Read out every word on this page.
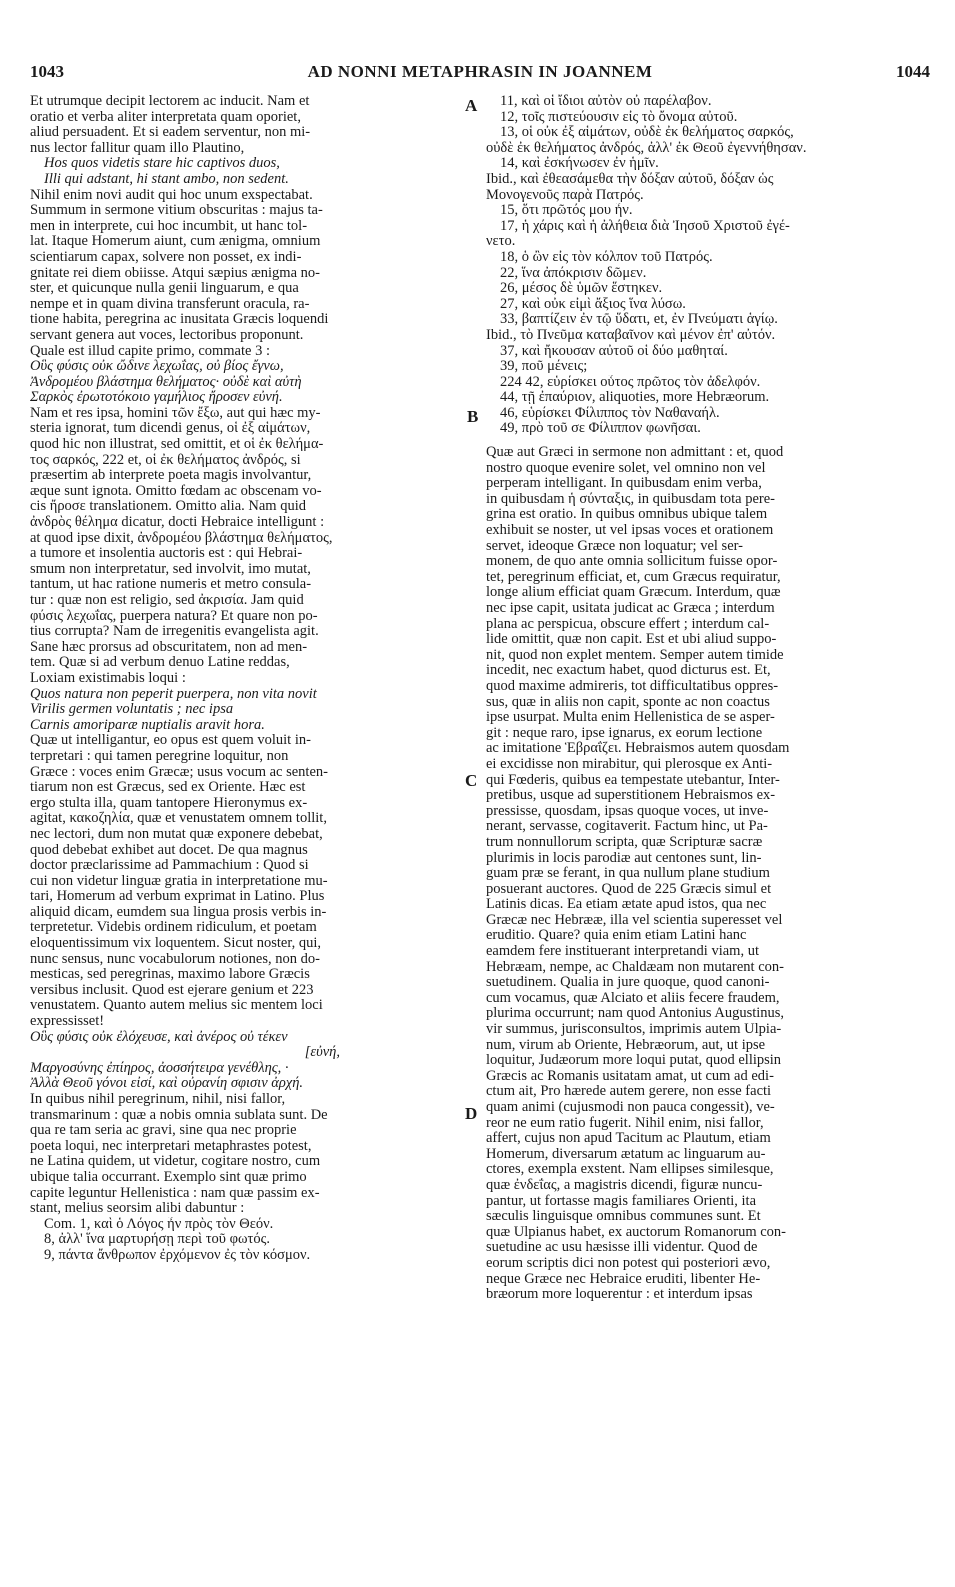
1043	AD NONNI METAPHRASIN IN JOANNEM	1044
Et utrumque decipit lectorem ac inducit. Nam et
oratio et verba aliter interpretata quam oporiet,
aliud persuadent. Et si eadem serventur, non mi-
nus lector fallitur quam illo Plautino,
Hos quos videtis stare hic captivos duos,
Illi qui adstant, hi stant ambo, non sedent.
Nihil enim novi audit qui hoc unum exspectabat.
Summum in sermone vitium obscuritas : majus ta-
men in interprete, cui hoc incumbit, ut hanc tol-
lat. Itaque Homerum aiunt, cum ænigma, omnium
scientiarum capax, solvere non posset, ex indi-
gnitate rei diem obiisse. Atqui sæpius ænigma no-
ster, et quicunque nulla genii linguarum, e qua
nempe et in quam divina transferunt oracula, ra-
tione habita, peregrina ac inusitata Græcis loquendi
servant genera aut voces, lectoribus proponunt.
Quale est illud capite primo, commate 3 :
Οὓς φύσις οὐκ ὤδινε λεχωΐας, οὐ βίος ἔγνω,
Ἀνδρομέου βλάστημα θελήματος· οὐδὲ καὶ αὐτὴ
Σαρκὸς ἐρωτοτόκοιο γαμήλιος ἤροσεν εὐνή.
Nam et res ipsa, homini τῶν ἔξω, aut qui hæc my-
steria ignorat, tum dicendi genus, οἱ ἐξ αἱμάτων,
quod hic non illustrat, sed omittit, et οἱ ἐκ θελήμα-
τος σαρκός, 222 et, οἱ ἐκ θελήματος ἀνδρός, si
præsertim ab interprete poeta magis involvantur,
æque sunt ignota. Omitto fœdam ac obscenam vo-
cis ἤροσε translationem. Omitto alia. Nam quid
ἀνδρὸς θέλημα dicatur, docti Hebraice intelligunt :
at quod ipse dixit, ἀνδρομέου βλάστημα θελήματος,
a tumore et insolentia auctoris est : qui Hebrai-
smum non interpretatur, sed involvit, imo mutat,
tantum, ut hac ratione numeris et metro consula-
tur : quæ non est religio, sed ἀκρισία. Jam quid
φύσις λεχωΐας, puerpera natura? Et quare non po-
tius corrupta? Nam de irregenitis evangelista agit.
Sane hæc prorsus ad obscuritatem, non ad men-
tem. Quæ si ad verbum denuo Latine reddas,
Loxiam existimabis loqui :
Quos natura non peperit puerpera, non vita novit
Virilis germen voluntatis ; nec ipsa
Carnis amoriparæ nuptialis aravit hora.
Quæ ut intelligantur, eo opus est quem voluit in-
terpretari : qui tamen peregrine loquitur, non
Græce : voces enim Græcæ; usus vocum ac senten-
tiarum non est Græcus, sed ex Oriente. Hæc est
ergo stulta illa, quam tantopere Hieronymus ex-
agitat, κακοζηλία, quæ et venustatem omnem tollit,
nec lectori, dum non mutat quæ exponere debebat,
quod debebat exhibet aut docet. De qua magnus
doctor præclarissime ad Pammachium : Quod si
cui non videtur linguæ gratia in interpretatione mu-
tari, Homerum ad verbum exprimat in Latino. Plus
aliquid dicam, eumdem sua lingua prosis verbis in-
terpretetur. Videbis ordinem ridiculum, et poetam
eloquentissimum vix loquentem. Sicut noster, qui,
nunc sensus, nunc vocabulorum notiones, non do-
mesticas, sed peregrinas, maximo labore Græcis
versibus inclusit. Quod est ejerare genium et 223
venustatem. Quanto autem melius sic mentem loci
expressisset!
Οὓς φύσις οὐκ ἐλόχευσε, καὶ ἀνέρος οὐ τέκεν
[εὐνή,
Μαργοσύνης ἐπίηρος, ἀοσσήτειρα γενέθλης, ·
Ἀλλὰ Θεοῦ γόνοι εἰσί, καὶ οὐρανίη σφισιν ἀρχή.
In quibus nihil peregrinum, nihil, nisi fallor,
transmarinum : quæ a nobis omnia sublata sunt. De
qua re tam seria ac gravi, sine qua nec proprie
poeta loqui, nec interpretari metaphrastes potest,
ne Latina quidem, ut videtur, cogitare nostro, cum
ubique talia occurrant. Exemplo sint quæ primo
capite leguntur Hellenistica : nam quæ passim ex-
stant, melius seorsim alibi dabuntur :
Com. 1, καὶ ὁ Λόγος ἦν πρὸς τὸν Θεόν.
8, ἀλλ' ἵνα μαρτυρήσῃ περὶ τοῦ φωτός.
9, πάντα ἄνθρωπον ἐρχόμενον ἐς τὸν κόσμον.
11, καὶ οἱ ἴδιοι αὐτὸν οὐ παρέλαβον.
12, τοῖς πιστεύουσιν εἰς τὸ ὄνομα αὐτοῦ.
13, οἱ οὐκ ἐξ αἱμάτων, οὐδὲ ἐκ θελήματος σαρκός,
οὐδὲ ἐκ θελήματος ἀνδρός, ἀλλ' ἐκ Θεοῦ ἐγεννήθησαν.
14, καὶ ἐσκήνωσεν ἐν ἡμῖν.
Ibid., καὶ ἐθεασάμεθα τὴν δόξαν αὐτοῦ, δόξαν ὡς
Μονογενοῦς παρὰ Πατρός.
15, ὅτι πρῶτός μου ἦν.
17, ἡ χάρις καὶ ἡ ἀλήθεια διὰ Ἰησοῦ Χριστοῦ ἐγέ-
νετο.
18, ὁ ὢν εἰς τὸν κόλπον τοῦ Πατρός.
22, ἵνα ἀπόκρισιν δῶμεν.
26, μέσος δὲ ὑμῶν ἕστηκεν.
27, καὶ οὐκ εἰμὶ ἄξιος ἵνα λύσω.
33, βαπτίζειν ἐν τῷ ὕδατι, et, ἐν Πνεύματι ἁγίῳ.
Ibid., τὸ Πνεῦμα καταβαῖνον καὶ μένον ἐπ' αὐτόν.
37, καὶ ἤκουσαν αὐτοῦ οἱ δύο μαθηταί.
39, ποῦ μένεις;
224 42, εὑρίσκει οὗτος πρῶτος τὸν ἀδελφόν.
44, τῇ ἐπαύριον, aliquoties, more Hebræorum.
46, εὑρίσκει Φίλιππος τὸν Ναθαναήλ.
49, πρὸ τοῦ σε Φίλιππον φωνῆσαι.
Quæ aut Græci in sermone non admittant : et, quod
nostro quoque evenire solet, vel omnino non vel
perperam intelligant. In quibusdam enim verba,
in quibusdam ἡ σύνταξις, in quibusdam tota pere-
grina est oratio. In quibus omnibus ubique talem
exhibuit se noster, ut vel ipsas voces et orationem
servet, ideoque Græce non loquatur; vel ser-
monem, de quo ante omnia sollicitum fuisse opor-
tet, peregrinum efficiat, et, cum Græcus requiratur,
longe alium efficiat quam Græcum. Interdum, quæ
nec ipse capit, usitata judicat ac Græca ; interdum
plana ac perspicua, obscure effert ; interdum cal-
lide omittit, quæ non capit. Est et ubi aliud suppo-
nit, quod non explet mentem. Semper autem timide
incedit, nec exactum habet, quod dicturus est. Et,
quod maxime admireris, tot difficultatibus oppres-
sus, quæ in aliis non capit, sponte ac non coactus
ipse usurpat. Multa enim Hellenistica de se asper-
git : neque raro, ipse ignarus, ex eorum lectione
ac imitatione Ἑβραΐζει. Hebraismos autem quosdam
ei excidisse non mirabitur, qui plerosque ex Anti-
qui Fœderis, quibus ea tempestate utebantur, Inter-
pretibus, usque ad superstitionem Hebraismos ex-
pressisse, quosdam, ipsas quoque voces, ut inve-
nerant, servasse, cogitaverit. Factum hinc, ut Pa-
trum nonnullorum scripta, quæ Scripturæ sacræ
plurimis in locis parodiæ aut centones sunt, lin-
guam præ se ferant, in qua nullum plane studium
posuerant auctores. Quod de 225 Græcis simul et
Latinis dicas. Ea etiam ætate apud istos, qua nec
Græcæ nec Hebrææ, illa vel scientia superesset vel
eruditio. Quare? quia enim etiam Latini hanc
eamdem fere instituerant interpretandi viam, ut
Hebræam, nempe, ac Chaldæam non mutarent con-
suetudinem. Qualia in jure quoque, quod canoni-
cum vocamus, quæ Alciato et aliis fecere fraudem,
plurima occurrunt; nam quod Antonius Augustinus,
vir summus, jurisconsultos, imprimis autem Ulpia-
num, virum ab Oriente, Hebræorum, aut, ut ipse
loquitur, Judæorum more loqui putat, quod ellipsin
Græcis ac Romanis usitatam amat, ut cum ad edi-
ctum ait, Pro hærede autem gerere, non esse facti
quam animi (cujusmodi non pauca congessit), ve-
reor ne eum ratio fugerit. Nihil enim, nisi fallor,
affert, cujus non apud Tacitum ac Plautum, etiam
Homerum, diversarum ætatum ac linguarum au-
ctores, exempla exstent. Nam ellipses similesque,
quæ ἐνδεΐας, a magistris dicendi, figuræ nuncu-
pantur, ut fortasse magis familiares Orienti, ita
sæculis linguisque omnibus communes sunt. Et
quæ Ulpianus habet, ex auctorum Romanorum con-
suetudine ac usu hæsisse illi videntur. Quod de
eorum scriptis dici non potest qui posteriori ævo,
neque Græce nec Hebraice eruditi, libenter He-
bræorum more loquerentur : et interdum ipsas
A
B
C
D
